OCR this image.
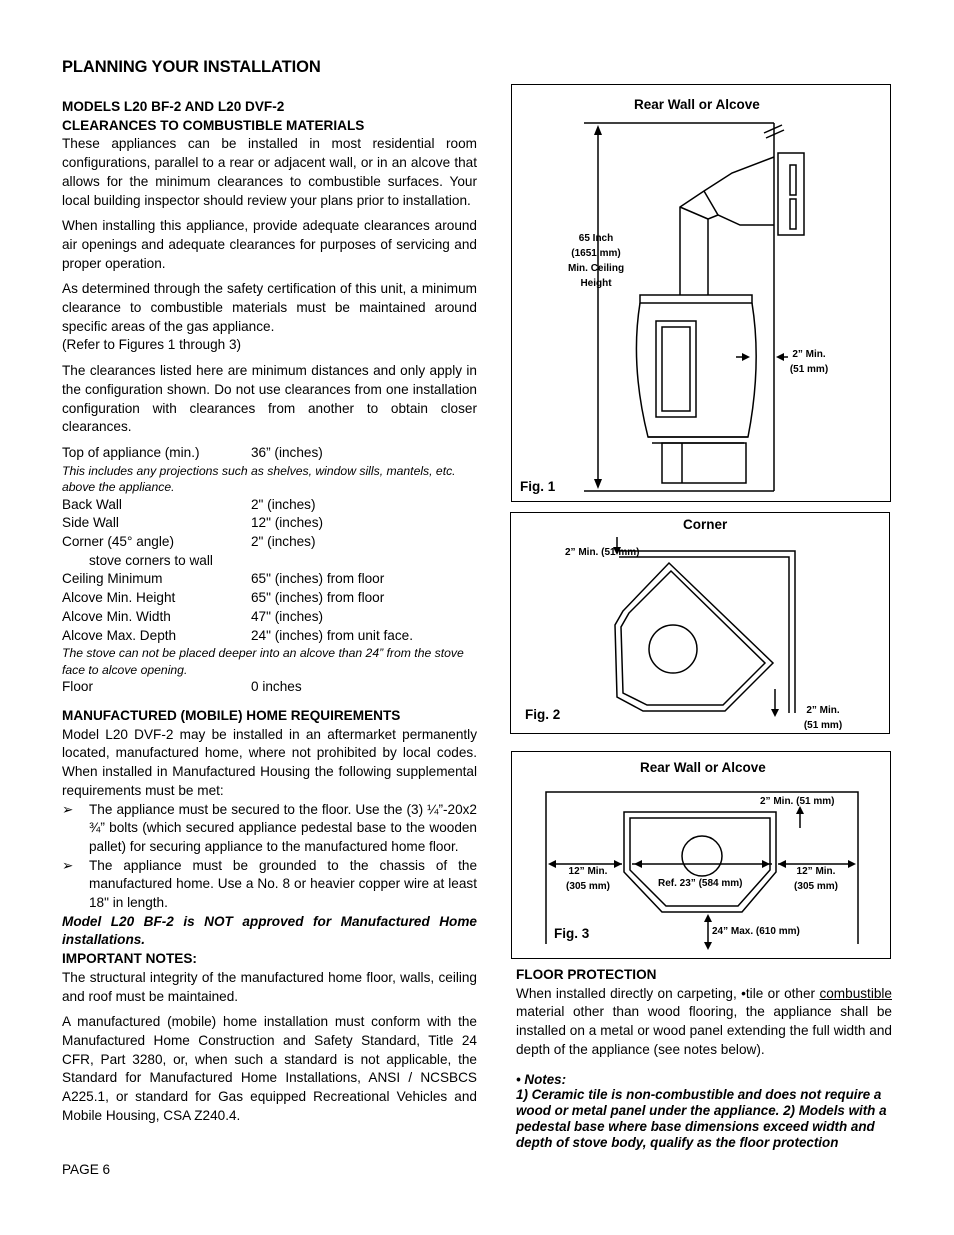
PLANNING YOUR INSTALLATION

MODELS L20 BF-2 AND L20 DVF-2

CLEARANCES TO COMBUSTIBLE MATERIALS

These appliances can be installed in most residential room configurations, parallel to a rear or adjacent wall, or in an alcove that allows for the minimum clearances to combustible surfaces. Your local building inspector should review your plans prior to installation.

When installing this appliance, provide adequate clearances around air openings and adequate clearances for purposes of servicing and proper operation.

As determined through the safety certification of this unit, a minimum clearance to combustible materials must be maintained around specific areas of the gas appliance.

(Refer to Figures 1 through 3)

The clearances listed here are minimum distances and only apply in the configuration shown. Do not use clearances from one installation configuration with clearances from another to obtain closer clearances.

Top of appliance (min.)	36” (inches)

This includes any projections such as shelves, window sills, mantels, etc. above the appliance.

Back Wall	2" (inches)
Side Wall	12" (inches)
Corner (45° angle)	2" (inches)
stove corners to wall
Ceiling Minimum	65" (inches) from floor
Alcove Min. Height	65" (inches) from floor
Alcove Min. Width	47" (inches)
Alcove Max. Depth	24" (inches) from unit face.

The stove can not be placed deeper into an alcove than 24” from the stove face to alcove opening.

Floor	0 inches

MANUFACTURED (MOBILE) HOME REQUIREMENTS

Model L20 DVF-2 may be installed in an aftermarket permanently located, manufactured home, where not prohibited by local codes. When installed in Manufactured Housing the following supplemental requirements must be met:

➢	The appliance must be secured to the floor. Use the (3) ¼”-20x2 ¾” bolts (which secured appliance pedestal base to the wooden pallet) for securing appliance to the manufactured home floor.
➢	The appliance must be grounded to the chassis of the manufactured home. Use a No. 8 or heavier copper wire at least 18" in length.

Model L20 BF-2 is NOT approved for Manufactured Home installations.

IMPORTANT NOTES:

The structural integrity of the manufactured home floor, walls, ceiling and roof must be maintained.

A manufactured (mobile) home installation must conform with the Manufactured Home Construction and Safety Standard, Title 24 CFR, Part 3280, or, when such a standard is not applicable, the Standard for Manufactured Home Installations, ANSI / NCSBCS A225.1, or standard for Gas equipped Recreational Vehicles and Mobile Housing, CSA Z240.4.

PAGE 6
Rear Wall or Alcove
65 Inch
(1651 mm)
Min. Ceiling
Height
2” Min.
(51 mm)
Fig. 1
Corner
2” Min. (51 mm)
2” Min.
(51 mm)
Fig. 2
Rear Wall or Alcove
2” Min. (51 mm)
12” Min.
(305 mm)
12” Min.
(305 mm)
Ref. 23” (584 mm)
24” Max. (610 mm)
Fig. 3

FLOOR PROTECTION

When installed directly on carpeting, •tile or other combustible material other than wood flooring, the appliance shall be installed on a metal or wood panel extending the full width and depth of the appliance (see notes below).

• Notes:

1) Ceramic tile is non-combustible and does not require a wood or metal panel under the appliance. 2) Models with a pedestal base where base dimensions exceed width and depth of stove body, qualify as the floor protection
